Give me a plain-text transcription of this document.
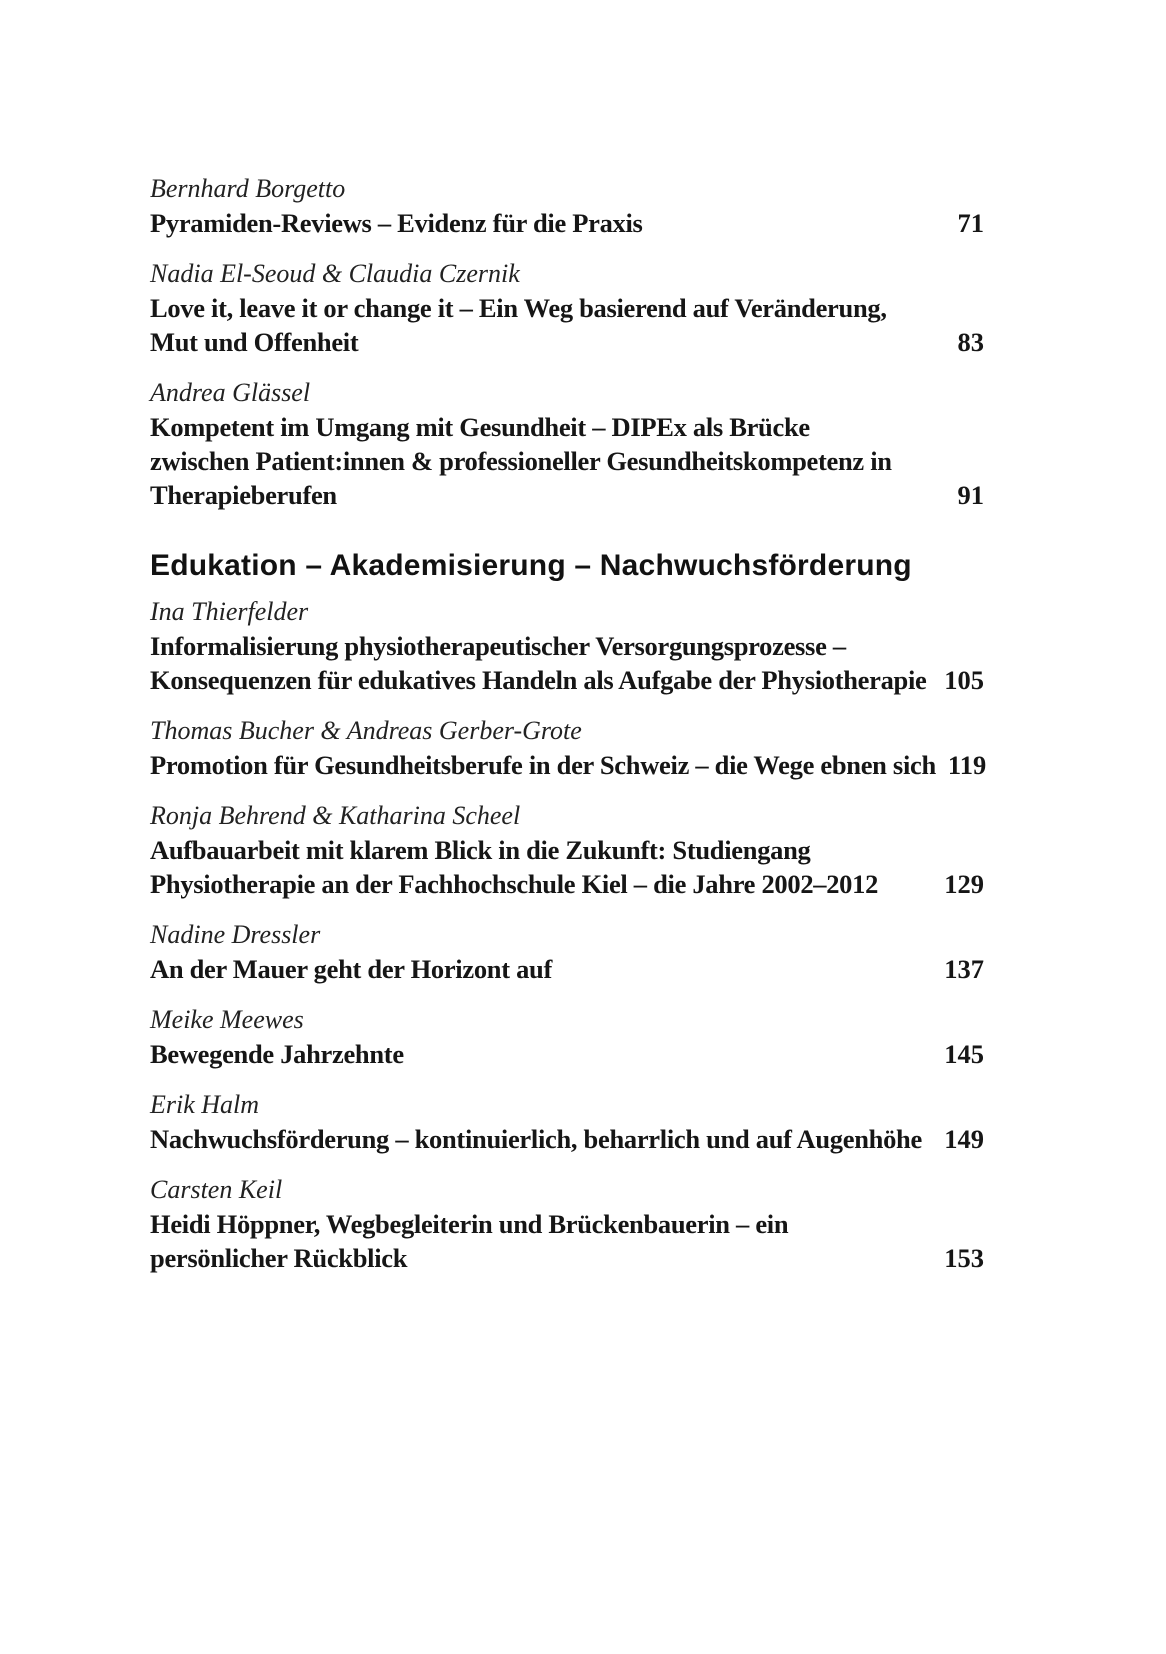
Bernhard Borgetto
Pyramiden-Reviews – Evidenz für die Praxis	71
Nadia El-Seoud & Claudia Czernik
Love it, leave it or change it – Ein Weg basierend auf Veränderung,
Mut und Offenheit	83
Andrea Glässel
Kompetent im Umgang mit Gesundheit – DIPEx als Brücke
zwischen Patient:innen & professioneller Gesundheitskompetenz in
Therapieberufen	91
Edukation – Akademisierung – Nachwuchsförderung
Ina Thierfelder
Informalisierung physiotherapeutischer Versorgungsprozesse –
Konsequenzen für edukatives Handeln als Aufgabe der Physiotherapie 105
Thomas Bucher & Andreas Gerber-Grote
Promotion für Gesundheitsberufe in der Schweiz – die Wege ebnen sich 119
Ronja Behrend & Katharina Scheel
Aufbauarbeit mit klarem Blick in die Zukunft: Studiengang
Physiotherapie an der Fachhochschule Kiel – die Jahre 2002–2012 129
Nadine Dressler
An der Mauer geht der Horizont auf	137
Meike Meewes
Bewegende Jahrzehnte	145
Erik Halm
Nachwuchsförderung – kontinuierlich, beharrlich und auf Augenhöhe 149
Carsten Keil
Heidi Höppner, Wegbegleiterin und Brückenbauerin – ein
persönlicher Rückblick	153
